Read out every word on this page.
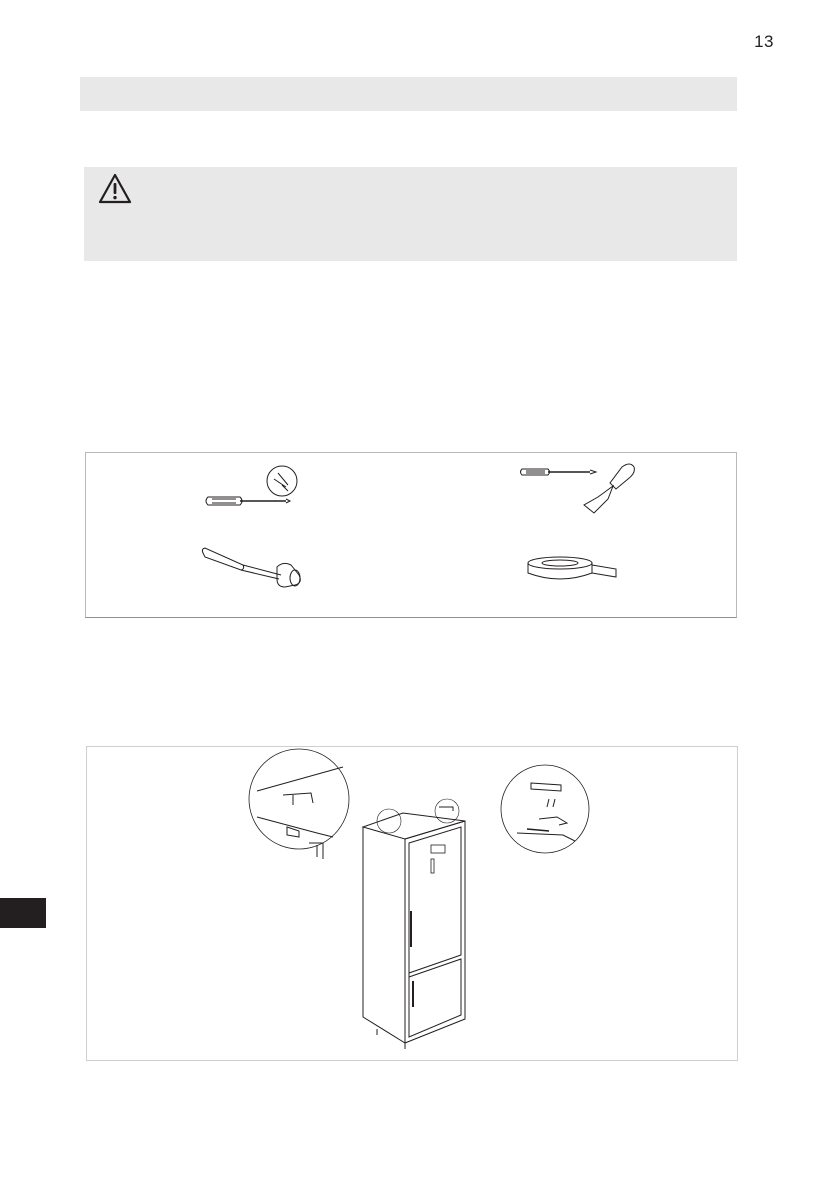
13
